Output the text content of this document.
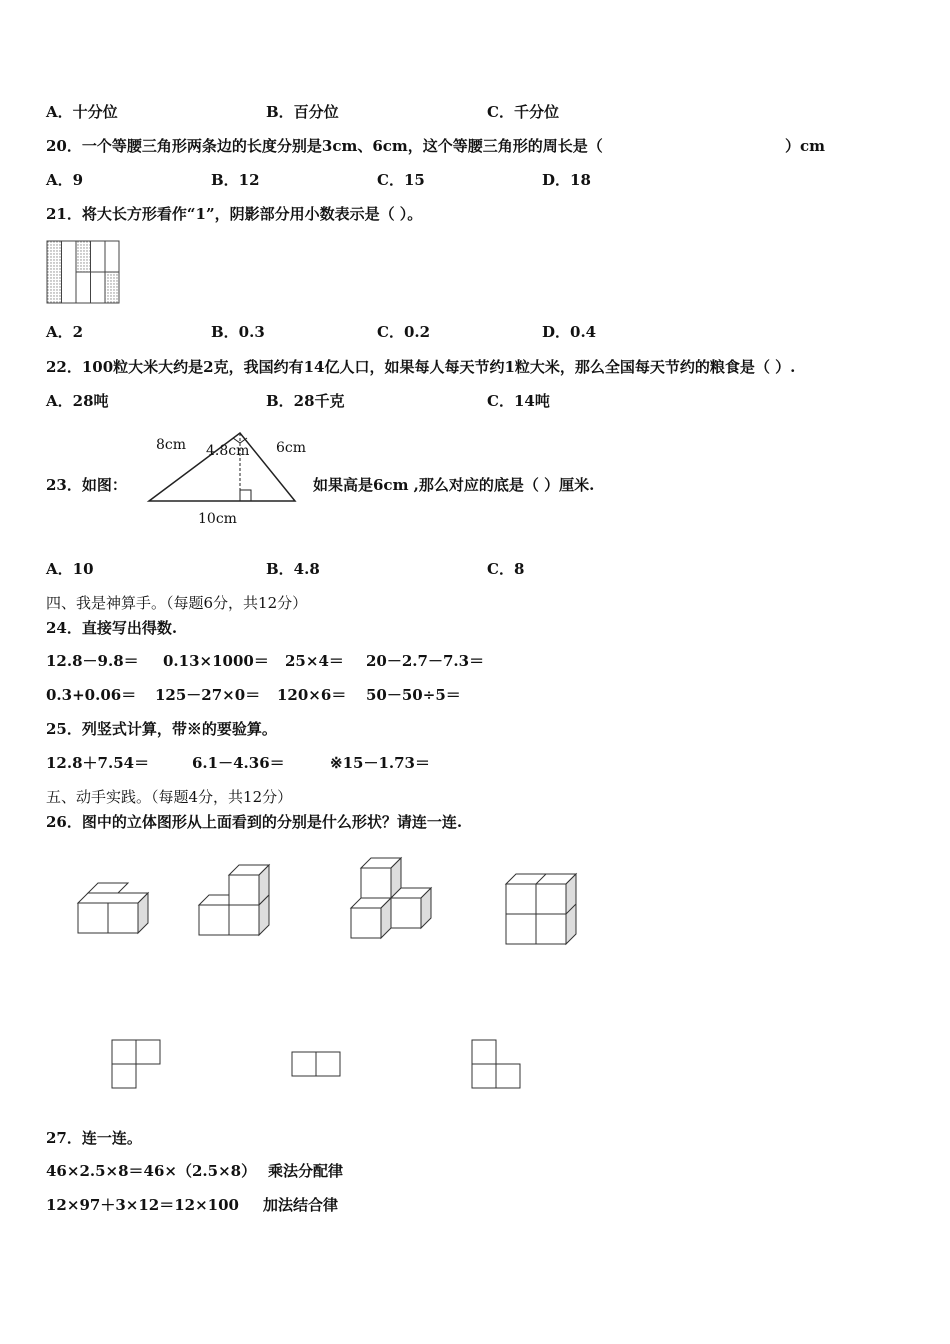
A．十分位	B．百分位	C．千分位
20．一个等腰三角形两条边的长度分别是3cm、6cm，这个等腰三角形的周长是（	）cm
A．9	B．12	C．15	D．18
21．将大长方形看作“1”，阴影部分用小数表示是（ ）。
A．2	B．0.3	C．0.2	D．0.4
22．100粒大米大约是2克，我国约有14亿人口，如果每人每天节约1粒大米，那么全国每天节约的粮食是（ ）.
A．28吨	B．28千克	C．14吨
23．如图：
8cm 4.8cm 6cm
10cm
如果高是6cm ,那么对应的底是（ ）厘米.
A．10	B．4.8	C．8
四、我是神算手。（每题6分，共12分）
24．直接写出得数.
12.8－9.8＝ 0.13×1000＝ 25×4＝ 20－2.7－7.3＝
0.3+0.06＝ 125－27×0＝ 120×6＝ 50－50÷5＝
25．列竖式计算，带※的要验算。
12.8＋7.54＝	6.1－4.36＝	※15－1.73＝
五、动手实践。（每题4分，共12分）
26．图中的立体图形从上面看到的分别是什么形状？请连一连.
27．连一连。
46×2.5×8＝46×（2.5×8） 乘法分配律
12×97＋3×12＝12×100 加法结合律
